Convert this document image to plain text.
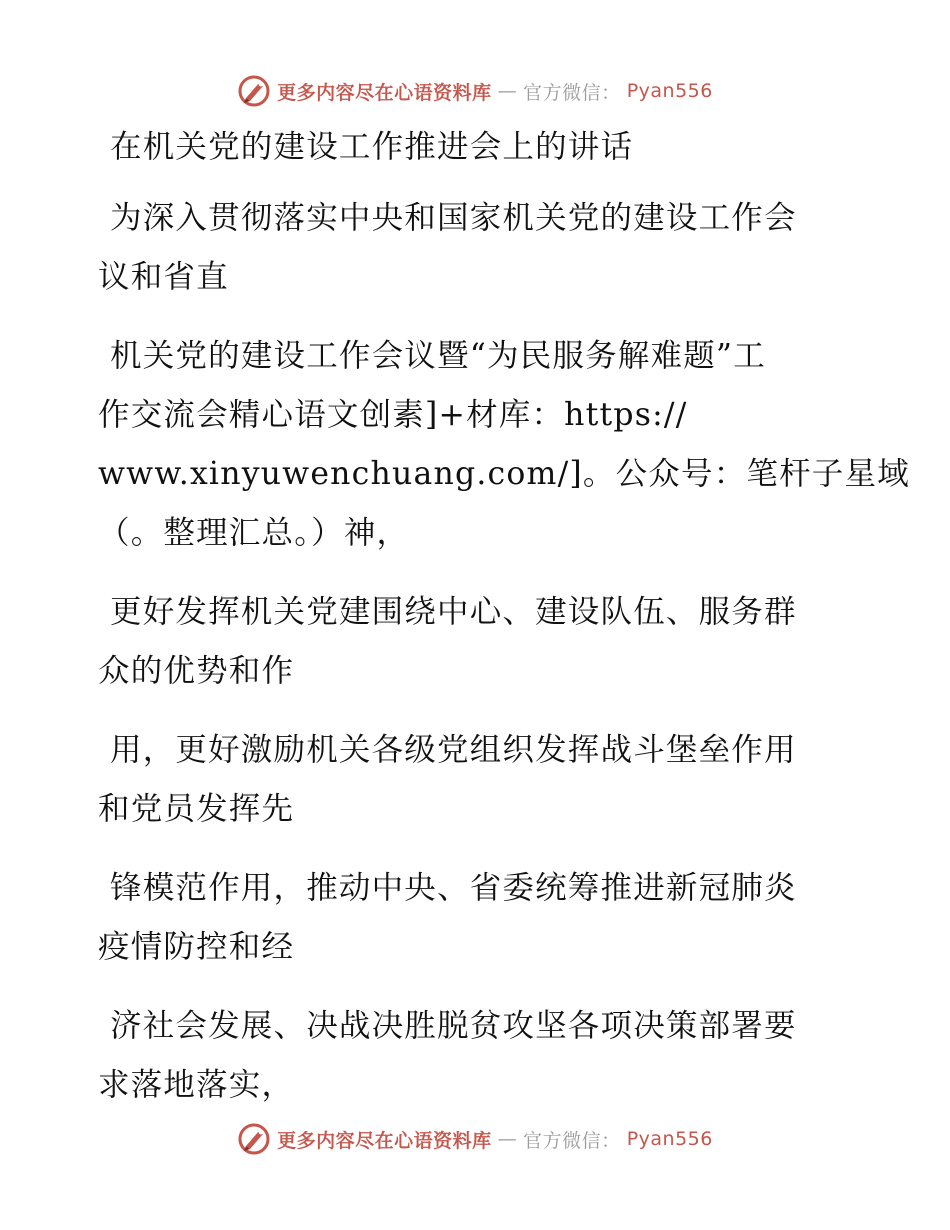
更多内容尽在心语资料库 — 官方微信： Pyan556

在机关党的建设工作推进会上的讲话

为深入贯彻落实中央和国家机关党的建设工作会
议和省直

机关党的建设工作会议暨“为民服务解难题”工
作交流会精心语文创素]+材库：https://
www.xinyuwenchuang.com/]。公众号：笔杆子星域
（。整理汇总。）神，

更好发挥机关党建围绕中心、建设队伍、服务群
众的优势和作

用，更好激励机关各级党组织发挥战斗堡垒作用
和党员发挥先

锋模范作用，推动中央、省委统筹推进新冠肺炎
疫情防控和经

济社会发展、决战决胜脱贫攻坚各项决策部署要
求落地落实，

更多内容尽在心语资料库 — 官方微信： Pyan556
